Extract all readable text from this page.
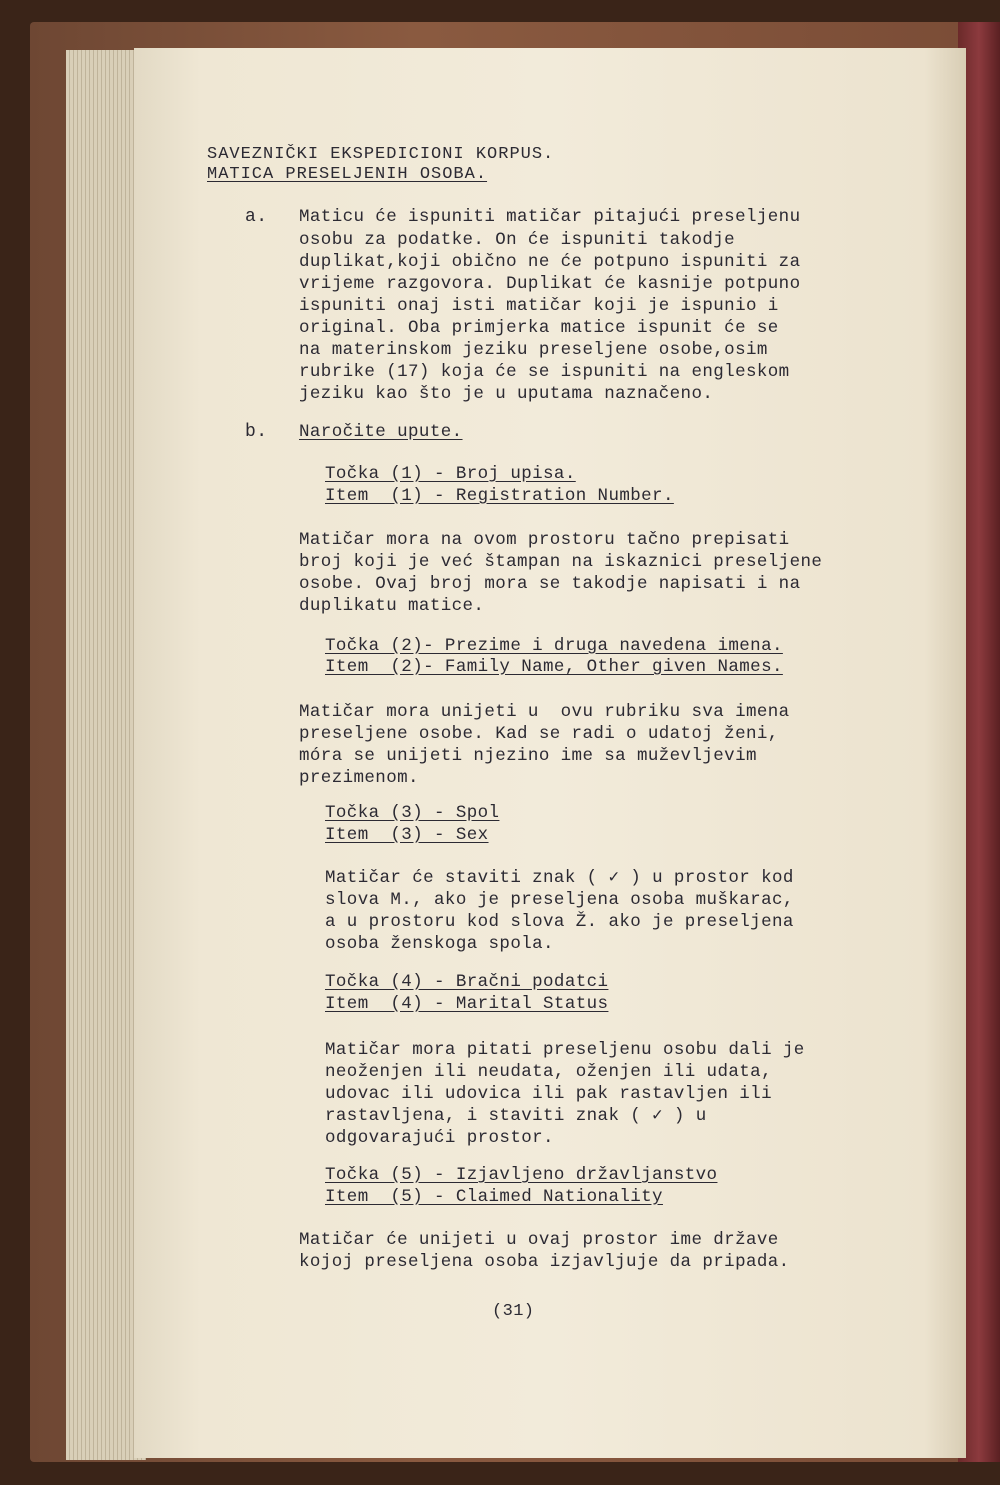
SAVEZNIČKI EKSPEDICIONI KORPUS.
MATICA PRESELJENIH OSOBA.
a. Maticu će ispuniti matičar pitajući preseljenu
osobu za podatke. On će ispuniti takodje
duplikat,koji obično ne će potpuno ispuniti za
vrijeme razgovora. Duplikat će kasnije potpuno
ispuniti onaj isti matičar koji je ispunio i
original. Oba primjerka matice ispunit će se
na materinskom jeziku preseljene osobe,osim
rubrike (17) koja će se ispuniti na engleskom
jeziku kao što je u uputama naznačeno.
b. Naročite upute.
Točka (1) - Broj upisa.
Item  (1) - Registration Number.
Matičar mora na ovom prostoru tačno prepisati
broj koji je već štampan na iskaznici preseljene
osobe. Ovaj broj mora se takodje napisati i na
duplikatu matice.
Točka (2)- Prezime i druga navedena imena.
Item  (2)- Family Name, Other given Names.
Matičar mora unijeti u  ovu rubriku sva imena
preseljene osobe. Kad se radi o udatoj ženi,
móra se unijeti njezino ime sa muževljevim
prezimenom.
Točka (3) - Spol
Item  (3) - Sex
Matičar će staviti znak ( ✓ ) u prostor kod
slova M., ako je preseljena osoba muškarac,
a u prostoru kod slova Ž. ako je preseljena
osoba ženskoga spola.
Točka (4) - Bračni podatci
Item  (4) - Marital Status
Matičar mora pitati preseljenu osobu dali je
neoženjen ili neudata, oženjen ili udata,
udovac ili udovica ili pak rastavljen ili
rastavljena, i staviti znak ( ✓ ) u
odgovarajući prostor.
Točka (5) - Izjavljeno državljanstvo
Item  (5) - Claimed Nationality
Matičar će unijeti u ovaj prostor ime države
kojoj preseljena osoba izjavljuje da pripada.
(31)
